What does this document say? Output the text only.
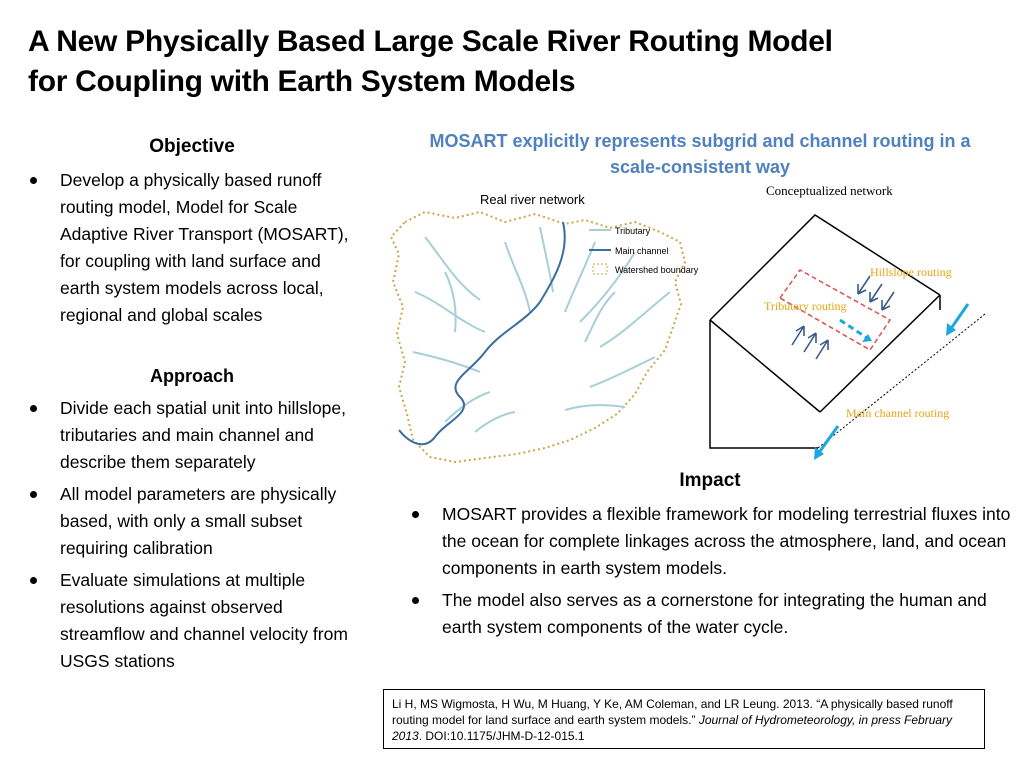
A New Physically Based Large Scale River Routing Model
for Coupling with Earth System Models
Objective
Develop a physically based runoff routing model, Model for Scale Adaptive River Transport (MOSART), for coupling with land surface and earth system models across local, regional and global scales
Approach
Divide each spatial unit into hillslope, tributaries and main channel and describe them separately
All model parameters are physically based, with only a small subset requiring calibration
Evaluate simulations at multiple resolutions against observed streamflow and channel velocity from USGS stations
MOSART explicitly represents subgrid and channel routing in a scale-consistent way
Real river network
Tributary
Main channel
Watershed boundary
Conceptualized network
Hillslope routing
Tributary routing
Main channel routing
Impact
MOSART provides a flexible framework for modeling terrestrial fluxes into the ocean for complete linkages across the atmosphere, land, and ocean components in earth system models.
The model also serves as a cornerstone for integrating the human and earth system components of the water cycle.
Li H, MS Wigmosta, H Wu, M Huang, Y Ke, AM Coleman, and LR Leung. 2013. “A physically based runoff routing model for land surface and earth system models.” Journal of Hydrometeorology, in press February 2013. DOI:10.1175/JHM-D-12-015.1
